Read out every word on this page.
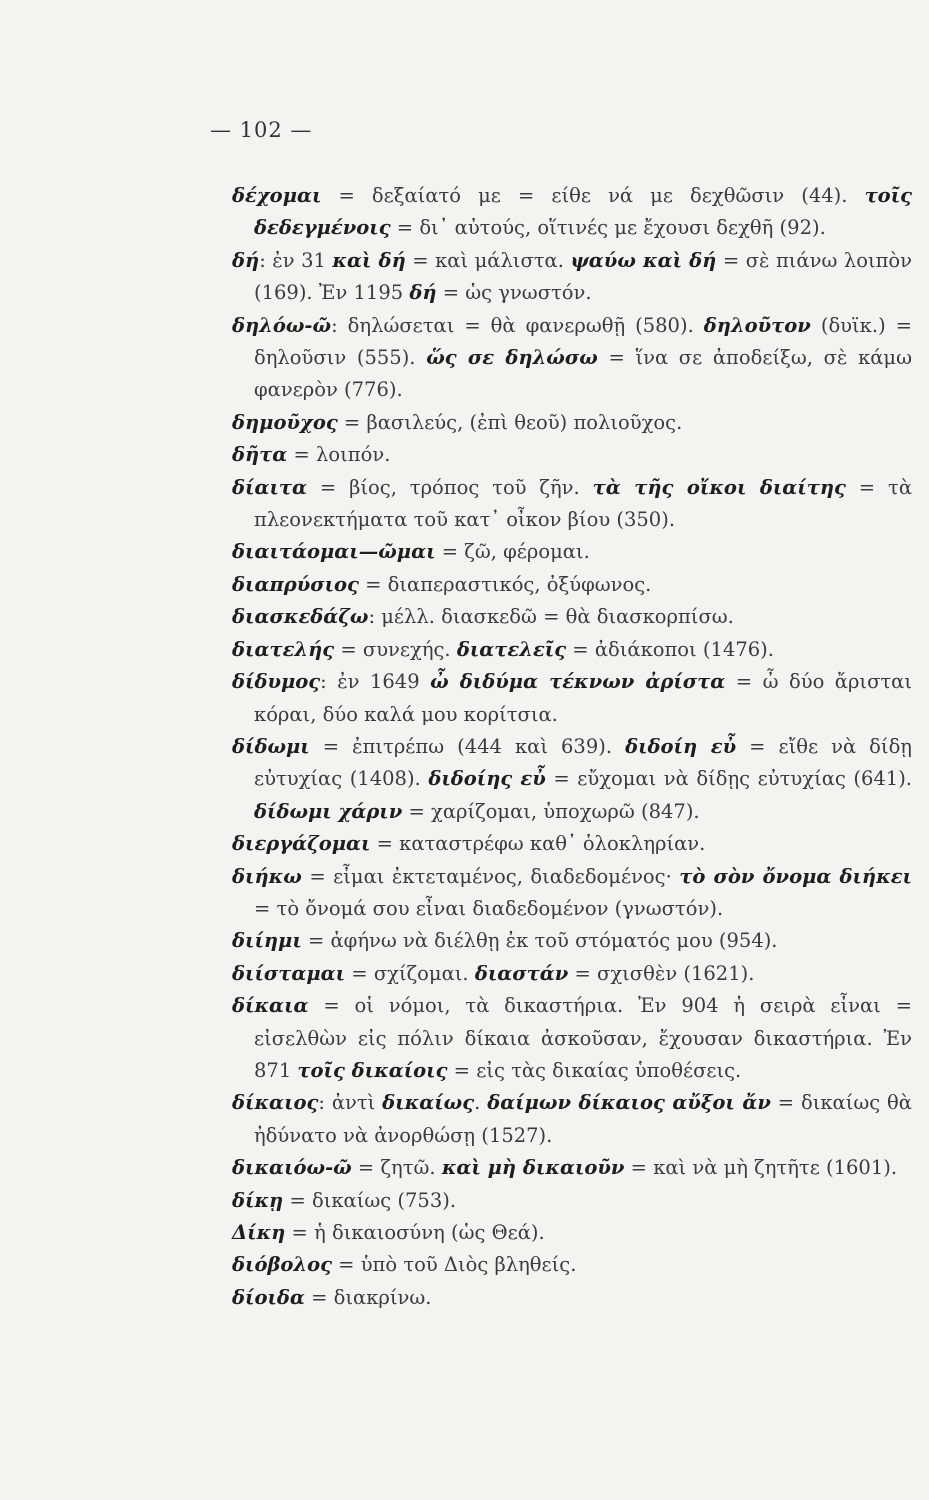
— 102 —
δέχομαι = δεξαίατό με = είθε νά με δεχθῶσιν (44). τοῖς δεδεγμένοις = δι᾽ αὐτούς, οἵτινές με ἔχουσι δεχθῆ (92).
δή: ἐν 31 καὶ δή = καὶ μάλιστα. ψαύω καὶ δή = σὲ πιάνω λοιπὸν (169). Ἐν 1195 δή = ὡς γνωστόν.
δηλόω-ῶ: δηλώσεται = θὰ φανερωθῇ (580). δηλοῦτον (δυϊκ.) = δηλοῦσιν (555). ὥς σε δηλώσω = ἵνα σε ἀποδείξω, σὲ κάμω φανερὸν (776).
δημοῦχος = βασιλεύς, (ἐπὶ θεοῦ) πολιοῦχος.
δῆτα = λοιπόν.
δίαιτα = βίος, τρόπος τοῦ ζῆν. τὰ τῆς οἴκοι διαίτης = τὰ πλεονεκτήματα τοῦ κατ᾽ οἶκον βίου (350).
διαιτάομαι—ῶμαι = ζῶ, φέρομαι.
διαπρύσιος = διαπεραστικός, ὀξύφωνος.
διασκεδάζω: μέλλ. διασκεδῶ = θὰ διασκορπίσω.
διατελής = συνεχής. διατελεῖς = ἀδιάκοποι (1476).
δίδυμος: ἐν 1649 ὦ διδύμα τέκνων ἀρίστα = ὦ δύο ἄρισται κόραι, δύο καλά μου κορίτσια.
δίδωμι = ἐπιτρέπω (444 καὶ 639). διδοίη εὖ = εἴθε νὰ δίδῃ εὐτυχίας (1408). διδοίης εὖ = εὔχομαι νὰ δίδῃς εὐτυχίας (641). δίδωμι χάριν = χαρίζομαι, ὑποχωρῶ (847).
διεργάζομαι = καταστρέφω καθ᾽ ὁλοκληρίαν.
διήκω = εἶμαι ἐκτεταμένος, διαδεδομένος· τὸ σὸν ὄνομα διήκει = τὸ ὄνομά σου εἶναι διαδεδομένον (γνωστόν).
διίημι = ἀφήνω νὰ διέλθῃ ἐκ τοῦ στόματός μου (954).
διίσταμαι = σχίζομαι. διαστάν = σχισθὲν (1621).
δίκαια = οἱ νόμοι, τὰ δικαστήρια. Ἐν 904 ἡ σειρὰ εἶναι = εἰσελθὼν εἰς πόλιν δίκαια ἀσκοῦσαν, ἔχουσαν δικαστήρια. Ἐν 871 τοῖς δικαίοις = εἰς τὰς δικαίας ὑποθέσεις.
δίκαιος: ἀντὶ δικαίως. δαίμων δίκαιος αὔξοι ἄν = δικαίως θὰ ἠδύνατο νὰ ἀνορθώσῃ (1527).
δικαιόω-ῶ = ζητῶ. καὶ μὴ δικαιοῦν = καὶ νὰ μὴ ζητῆτε (1601).
δίκῃ = δικαίως (753).
Δίκη = ἡ δικαιοσύνη (ὡς Θεά).
διόβολος = ὑπὸ τοῦ Διὸς βληθείς.
δίοιδα = διακρίνω.
